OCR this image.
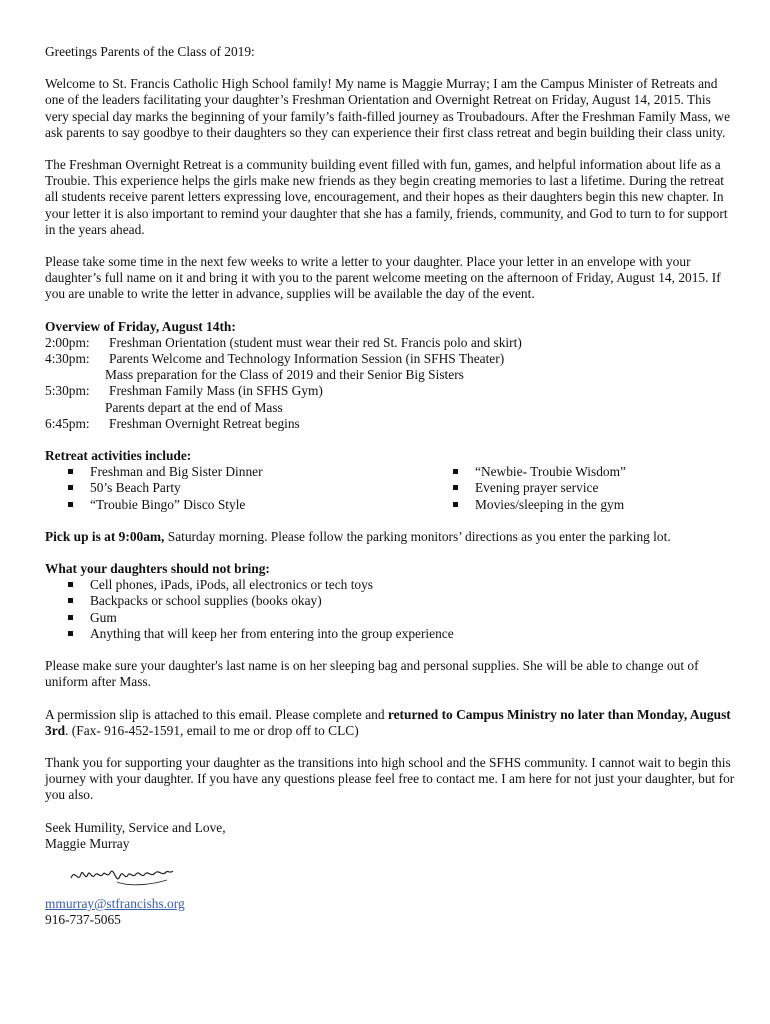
Greetings Parents of the Class of 2019:

Welcome to St. Francis Catholic High School family! My name is Maggie Murray; I am the Campus Minister of Retreats and one of the leaders facilitating your daughter’s Freshman Orientation and Overnight Retreat on Friday, August 14, 2015. This very special day marks the beginning of your family’s faith-filled journey as Troubadours. After the Freshman Family Mass, we ask parents to say goodbye to their daughters so they can experience their first class retreat and begin building their class unity.

The Freshman Overnight Retreat is a community building event filled with fun, games, and helpful information about life as a Troubie. This experience helps the girls make new friends as they begin creating memories to last a lifetime. During the retreat all students receive parent letters expressing love, encouragement, and their hopes as their daughters begin this new chapter. In your letter it is also important to remind your daughter that she has a family, friends, community, and God to turn to for support in the years ahead.

Please take some time in the next few weeks to write a letter to your daughter. Place your letter in an envelope with your daughter’s full name on it and bring it with you to the parent welcome meeting on the afternoon of Friday, August 14, 2015. If you are unable to write the letter in advance, supplies will be available the day of the event.

Overview of Friday, August 14th:

2:00pm:	Freshman Orientation (student must wear their red St. Francis polo and skirt)
4:30pm:	Parents Welcome and Technology Information Session (in SFHS Theater)
Mass preparation for the Class of 2019 and their Senior Big Sisters
5:30pm:	Freshman Family Mass (in SFHS Gym)
Parents depart at the end of Mass
6:45pm:	Freshman Overnight Retreat begins

Retreat activities include:

Freshman and Big Sister Dinner
50’s Beach Party
“Troubie Bingo” Disco Style
“Newbie- Troubie Wisdom”
Evening prayer service
Movies/sleeping in the gym

Pick up is at 9:00am, Saturday morning. Please follow the parking monitors’ directions as you enter the parking lot.

What your daughters should not bring:

Cell phones, iPads, iPods, all electronics or tech toys
Backpacks or school supplies (books okay)
Gum
Anything that will keep her from entering into the group experience

Please make sure your daughter's last name is on her sleeping bag and personal supplies. She will be able to change out of uniform after Mass.

A permission slip is attached to this email. Please complete and returned to Campus Ministry no later than Monday, August 3rd. (Fax- 916-452-1591, email to me or drop off to CLC)

Thank you for supporting your daughter as the transitions into high school and the SFHS community. I cannot wait to begin this journey with your daughter. If you have any questions please feel free to contact me. I am here for not just your daughter, but for you also.

Seek Humility, Service and Love,

Maggie Murray

mmurray@stfrancishs.org

916-737-5065
